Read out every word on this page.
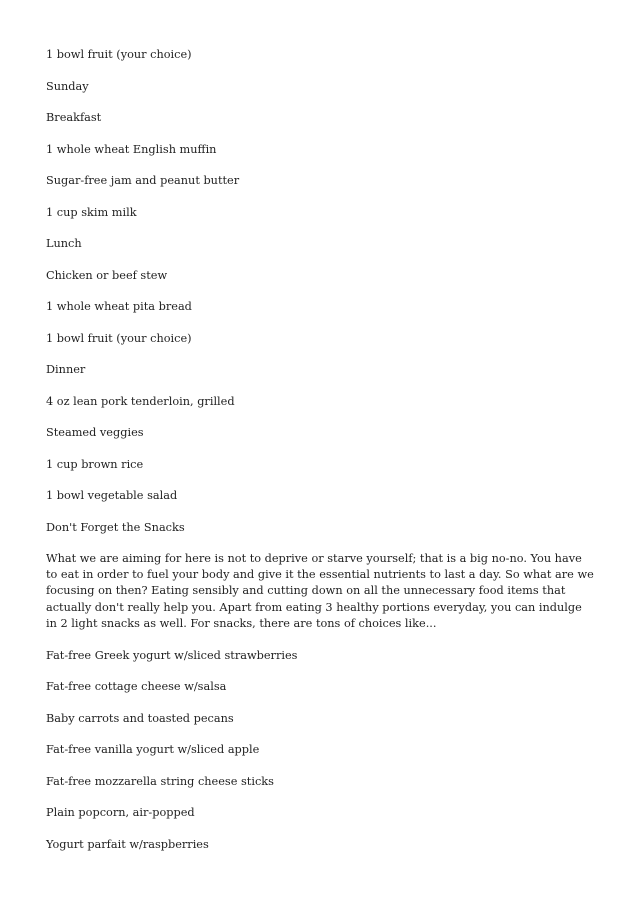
1 bowl fruit (your choice)

Sunday

Breakfast

1 whole wheat English muffin

Sugar-free jam and peanut butter

1 cup skim milk

Lunch

Chicken or beef stew

1 whole wheat pita bread

1 bowl fruit (your choice)

Dinner

4 oz lean pork tenderloin, grilled

Steamed veggies

1 cup brown rice

1 bowl vegetable salad

Don't Forget the Snacks

What we are aiming for here is not to deprive or starve yourself; that is a big no-no. You have to eat in order to fuel your body and give it the essential nutrients to last a day. So what are we focusing on then? Eating sensibly and cutting down on all the unnecessary food items that actually don't really help you. Apart from eating 3 healthy portions everyday, you can indulge in 2 light snacks as well. For snacks, there are tons of choices like...

Fat-free Greek yogurt w/sliced strawberries

Fat-free cottage cheese w/salsa

Baby carrots and toasted pecans

Fat-free vanilla yogurt w/sliced apple

Fat-free mozzarella string cheese sticks

Plain popcorn, air-popped

Yogurt parfait w/raspberries
